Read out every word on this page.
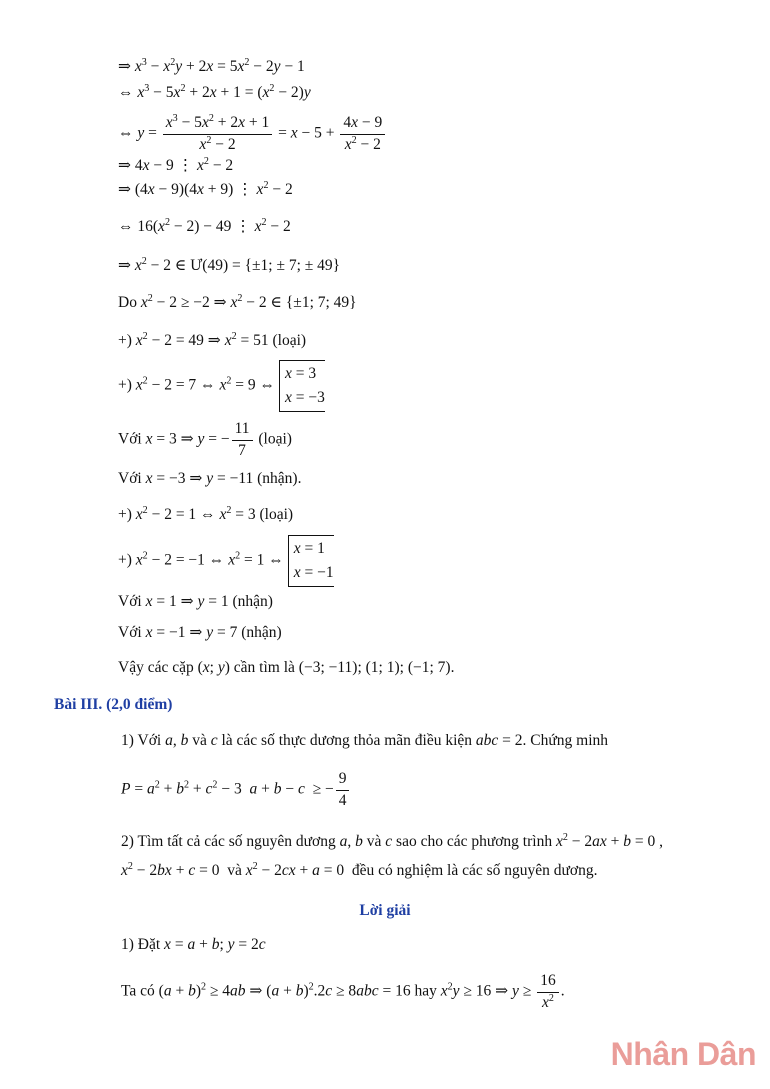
⇒ $x^3 - x^2y + 2x = 5x^2 - 2y - 1$
⇔ $x^3 - 5x^2 + 2x + 1 = (x^2 - 2)y$
⇔ $y = \frac{x^3 - 5x^2 + 2x + 1}{x^2 - 2} = x - 5 + \frac{4x - 9}{x^2 - 2}$
⇒ 4x − 9 ⋮ $x^2 - 2$
⇒ (4x − 9)(4x + 9) ⋮ $x^2 - 2$
⇔ $16(x^2 - 2) - 49$ ⋮ $x^2 - 2$
⇒ $x^2 - 2$ ∈ Ư(49) = {±1; ± 7; ± 49}
Do $x^2 - 2 \ge -2$ ⇒ $x^2 - 2$ ∈ {±1; 7; 49}
+) $x^2 - 2 = 49$ ⇒ $x^2 = 51$ (loại)
+) $x^2 - 2 = 7$ ⇔ $x^2 = 9$ ⇔
x = 3
x = −3
Với x = 3 ⇒ y = − $\frac{11}{7}$ (loại)
Với x = −3 ⇒ y = −11 (nhận).
+) $x^2 - 2 = 1$ ⇔ $x^2 = 3$ (loại)
+) $x^2 - 2 = -1$ ⇔ $x^2 = 1$ ⇔
x = 1
x = −1
Với x = 1 ⇒ y = 1 (nhận)
Với x = −1 ⇒ y = 7 (nhận)
Vậy các cặp (x; y) cần tìm là (−3; −11); (1; 1); (−1; 7).
Bài III. (2,0 điểm)
1) Với a, b và c là các số thực dương thỏa mãn điều kiện abc = 2. Chứng minh
$P = a^2 + b^2 + c^2 - 3$  a + b − c  ≥ − $\frac{9}{4}$
2) Tìm tất cả các số nguyên dương a, b và c sao cho các phương trình $x^2 - 2ax + b = 0$ ,
$x^2 - 2bx + c = 0$  và $x^2 - 2cx + a = 0$  đều có nghiệm là các số nguyên dương.
Lời giải
1) Đặt x = a + b; y = 2c
Ta có $(a + b)^2 \ge 4ab$ ⇒ $(a + b)^2.2c \ge 8abc = 16$ hay $x^2y \ge 16$ ⇒ $y \ge \frac{16}{x^2}$ .
Nhân Dân
